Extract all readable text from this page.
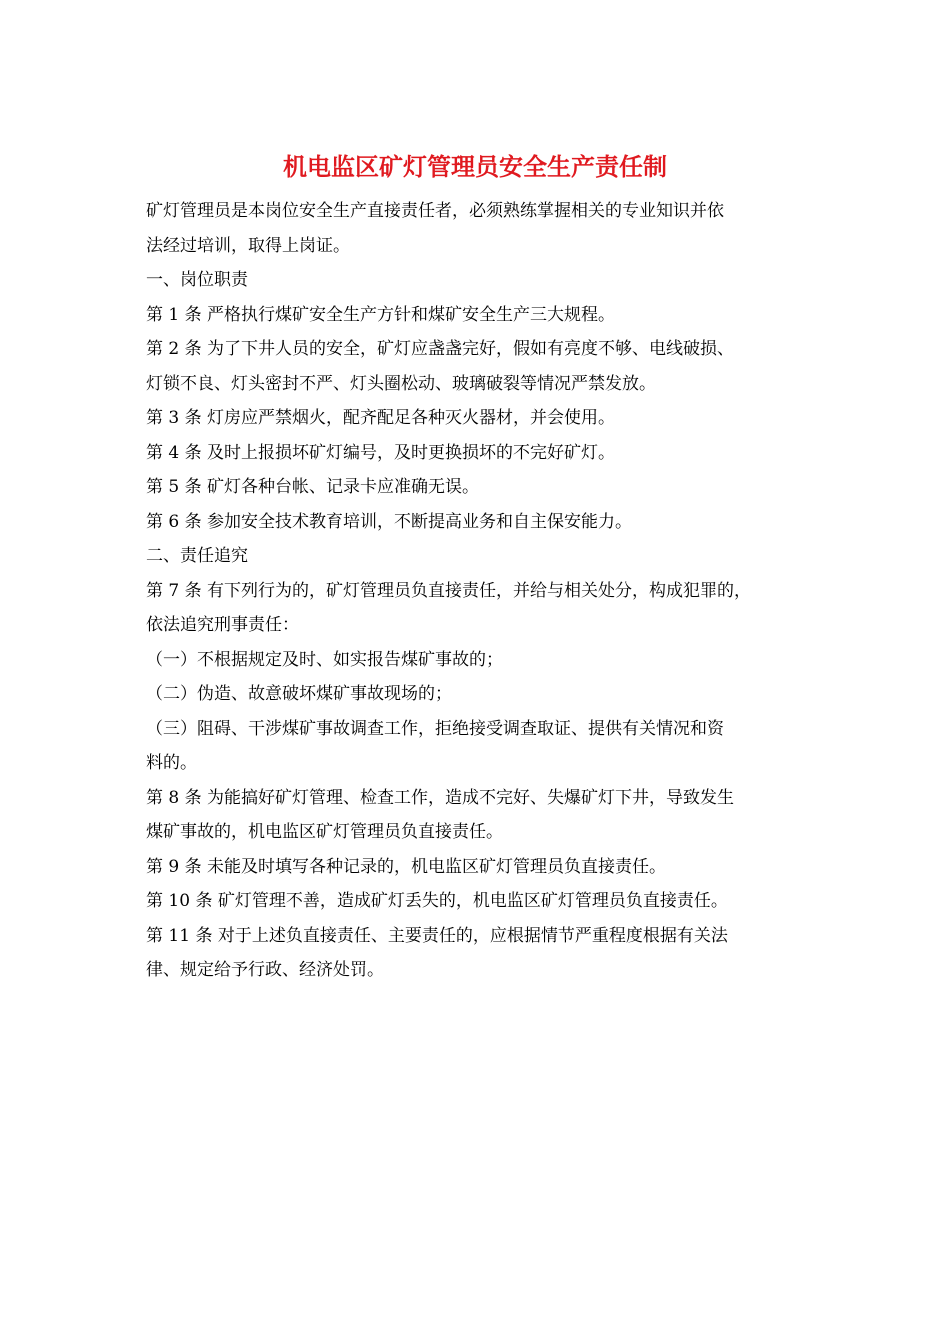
机电监区矿灯管理员安全生产责任制
矿灯管理员是本岗位安全生产直接责任者，必须熟练掌握相关的专业知识并依
法经过培训，取得上岗证。
一、岗位职责
第 1 条 严格执行煤矿安全生产方针和煤矿安全生产三大规程。
第 2 条 为了下井人员的安全，矿灯应盏盏完好，假如有亮度不够、电线破损、
灯锁不良、灯头密封不严、灯头圈松动、玻璃破裂等情况严禁发放。
第 3 条 灯房应严禁烟火，配齐配足各种灭火器材，并会使用。
第 4 条 及时上报损坏矿灯编号，及时更换损坏的不完好矿灯。
第 5 条 矿灯各种台帐、记录卡应准确无误。
第 6 条 参加安全技术教育培训，不断提高业务和自主保安能力。
二、责任追究
第 7 条 有下列行为的，矿灯管理员负直接责任，并给与相关处分，构成犯罪的，
依法追究刑事责任：
（一）不根据规定及时、如实报告煤矿事故的；
（二）伪造、故意破坏煤矿事故现场的；
（三）阻碍、干涉煤矿事故调查工作，拒绝接受调查取证、提供有关情况和资
料的。
第 8 条 为能搞好矿灯管理、检查工作，造成不完好、失爆矿灯下井，导致发生
煤矿事故的，机电监区矿灯管理员负直接责任。
第 9 条 未能及时填写各种记录的，机电监区矿灯管理员负直接责任。
第 10 条 矿灯管理不善，造成矿灯丢失的，机电监区矿灯管理员负直接责任。
第 11 条 对于上述负直接责任、主要责任的，应根据情节严重程度根据有关法
律、规定给予行政、经济处罚。
